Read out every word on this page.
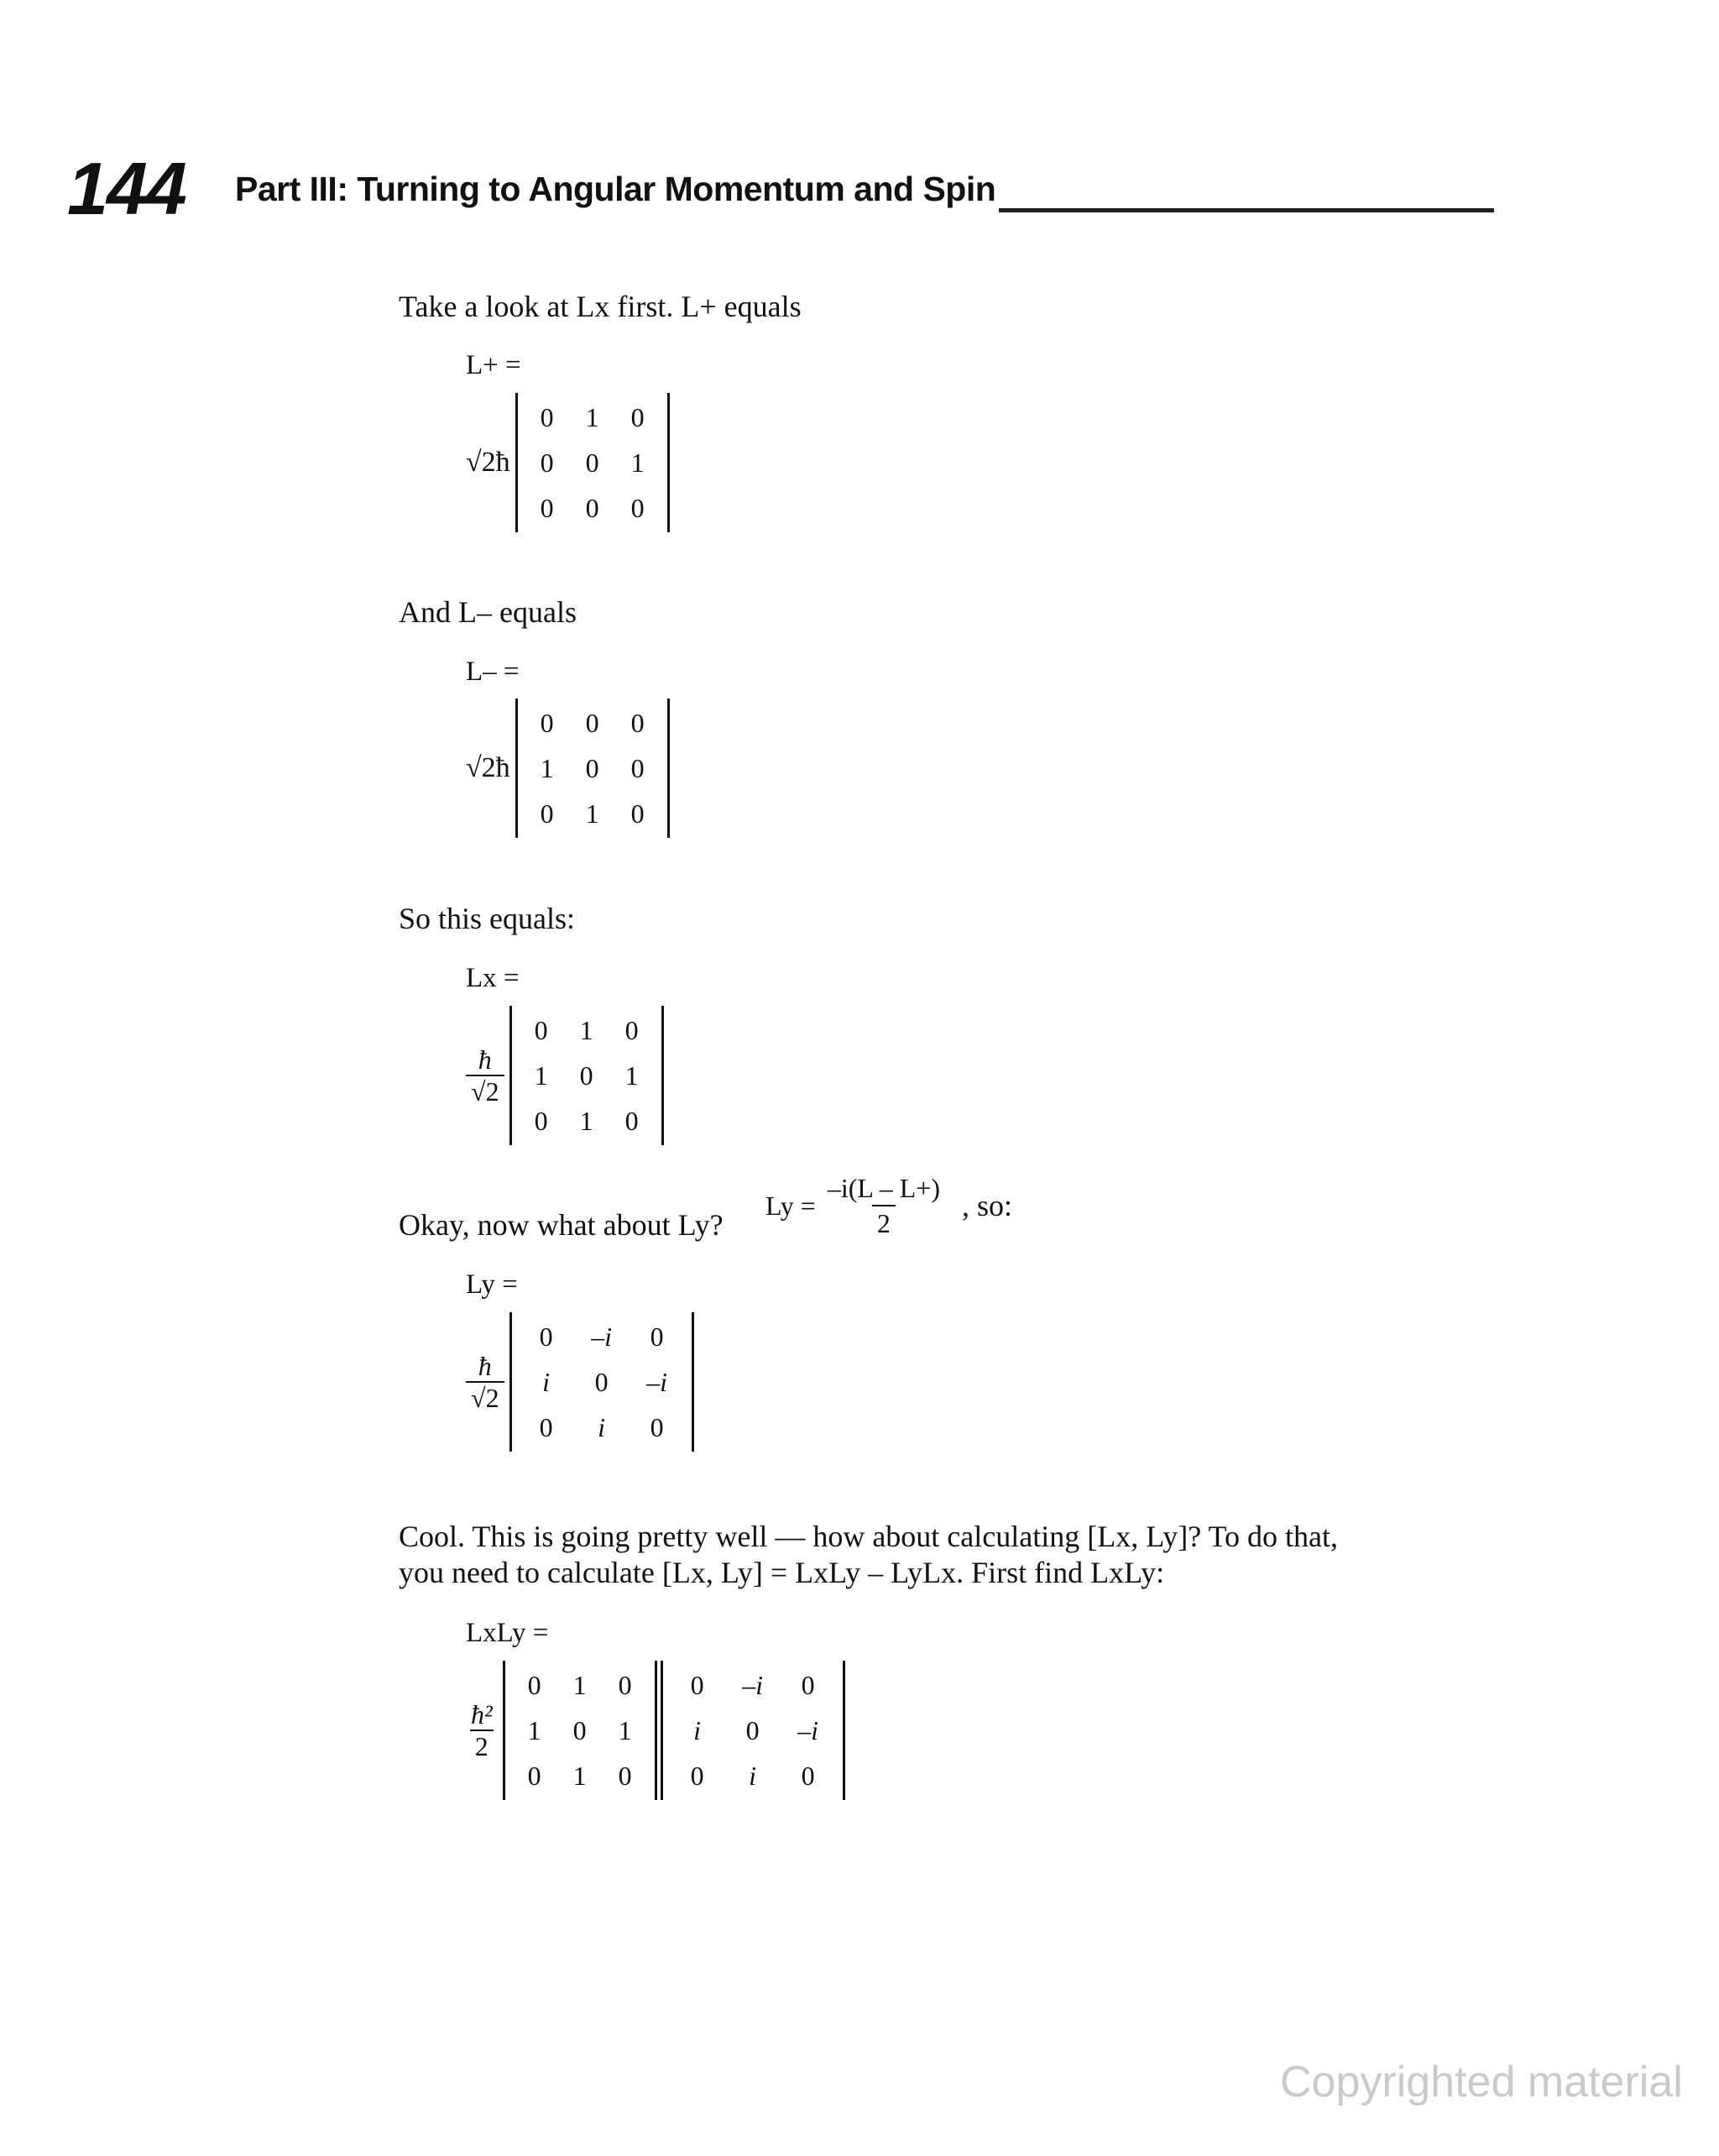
144 Part III: Turning to Angular Momentum and Spin
Take a look at Lx first. L+ equals
L+ =
√2ħ
0	1	0
0	0	1
0	0	0
And L– equals
L– =
√2ħ
0	0	0
1	0	0
0	1	0
So this equals:
Lx =
$\frac{ħ}{√2}$
0	1	0
1	0	1
0	1	0
Okay, now what about Ly?
$Ly = \frac{-i(L - L+)}{2}$ , so:
Ly =
$\frac{ħ}{√2}$
0	–i	0
i	0	–i
0	i	0
Cool. This is going pretty well — how about calculating [Lx, Ly]? To do that,
you need to calculate [Lx, Ly] = LxLy – LyLx. First find LxLy:
LxLy =
$\frac{\text{ħ²}}{2}$
0	1	0
1	0	1
0	1	0
0	–i	0
i	0	–i
0	i	0
Copyrighted material
